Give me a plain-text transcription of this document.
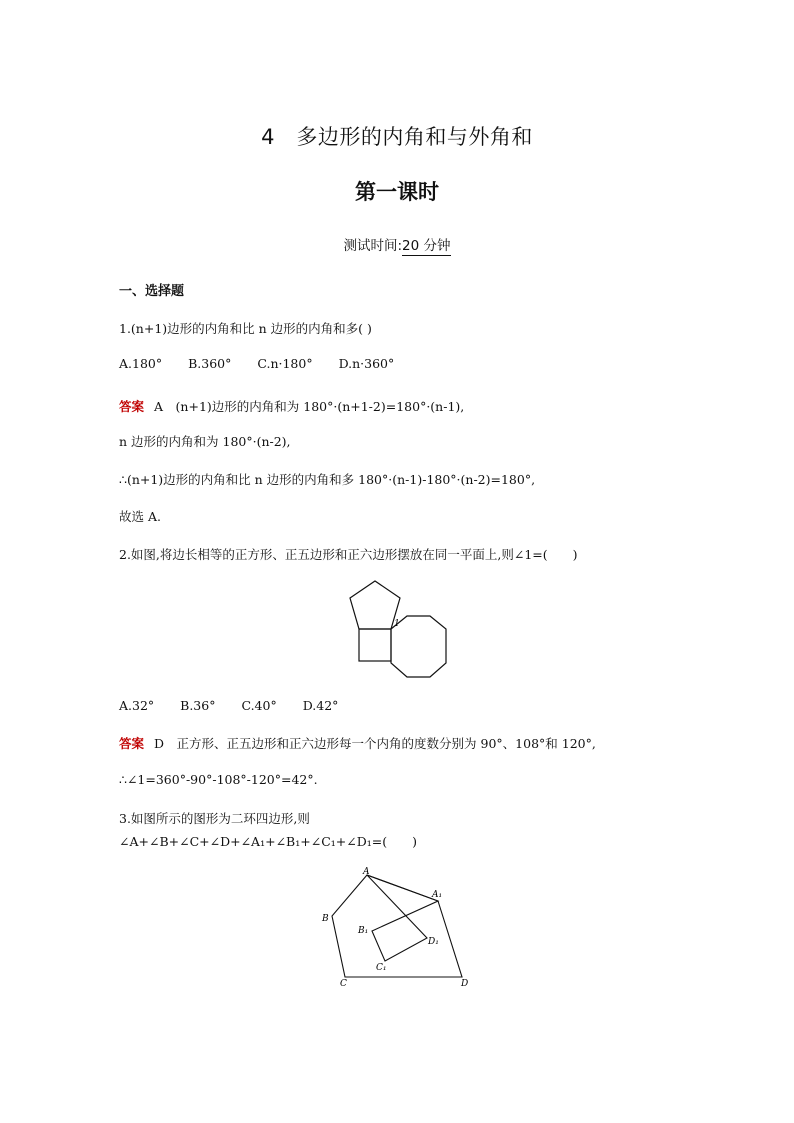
4　多边形的内角和与外角和
第一课时
测试时间:20 分钟
一、选择题
1.(n+1)边形的内角和比 n 边形的内角和多( )
A.180° B.360° C.n·180° D.n·360°
答案 A　(n+1)边形的内角和为 180°·(n+1-2)=180°·(n-1),
n 边形的内角和为 180°·(n-2),
∴(n+1)边形的内角和比 n 边形的内角和多 180°·(n-1)-180°·(n-2)=180°,
故选 A.
2.如图,将边长相等的正方形、正五边形和正六边形摆放在同一平面上,则∠1=(　　)
1
A.32° B.36° C.40° D.42°
答案 D　正方形、正五边形和正六边形每一个内角的度数分别为 90°、108°和 120°,
∴∠1=360°-90°-108°-120°=42°.
3.如图所示的图形为二环四边形,则
∠A+∠B+∠C+∠D+∠A₁+∠B₁+∠C₁+∠D₁=(　　)
A
B
C	D
A₁
B₁
C₁
D₁
